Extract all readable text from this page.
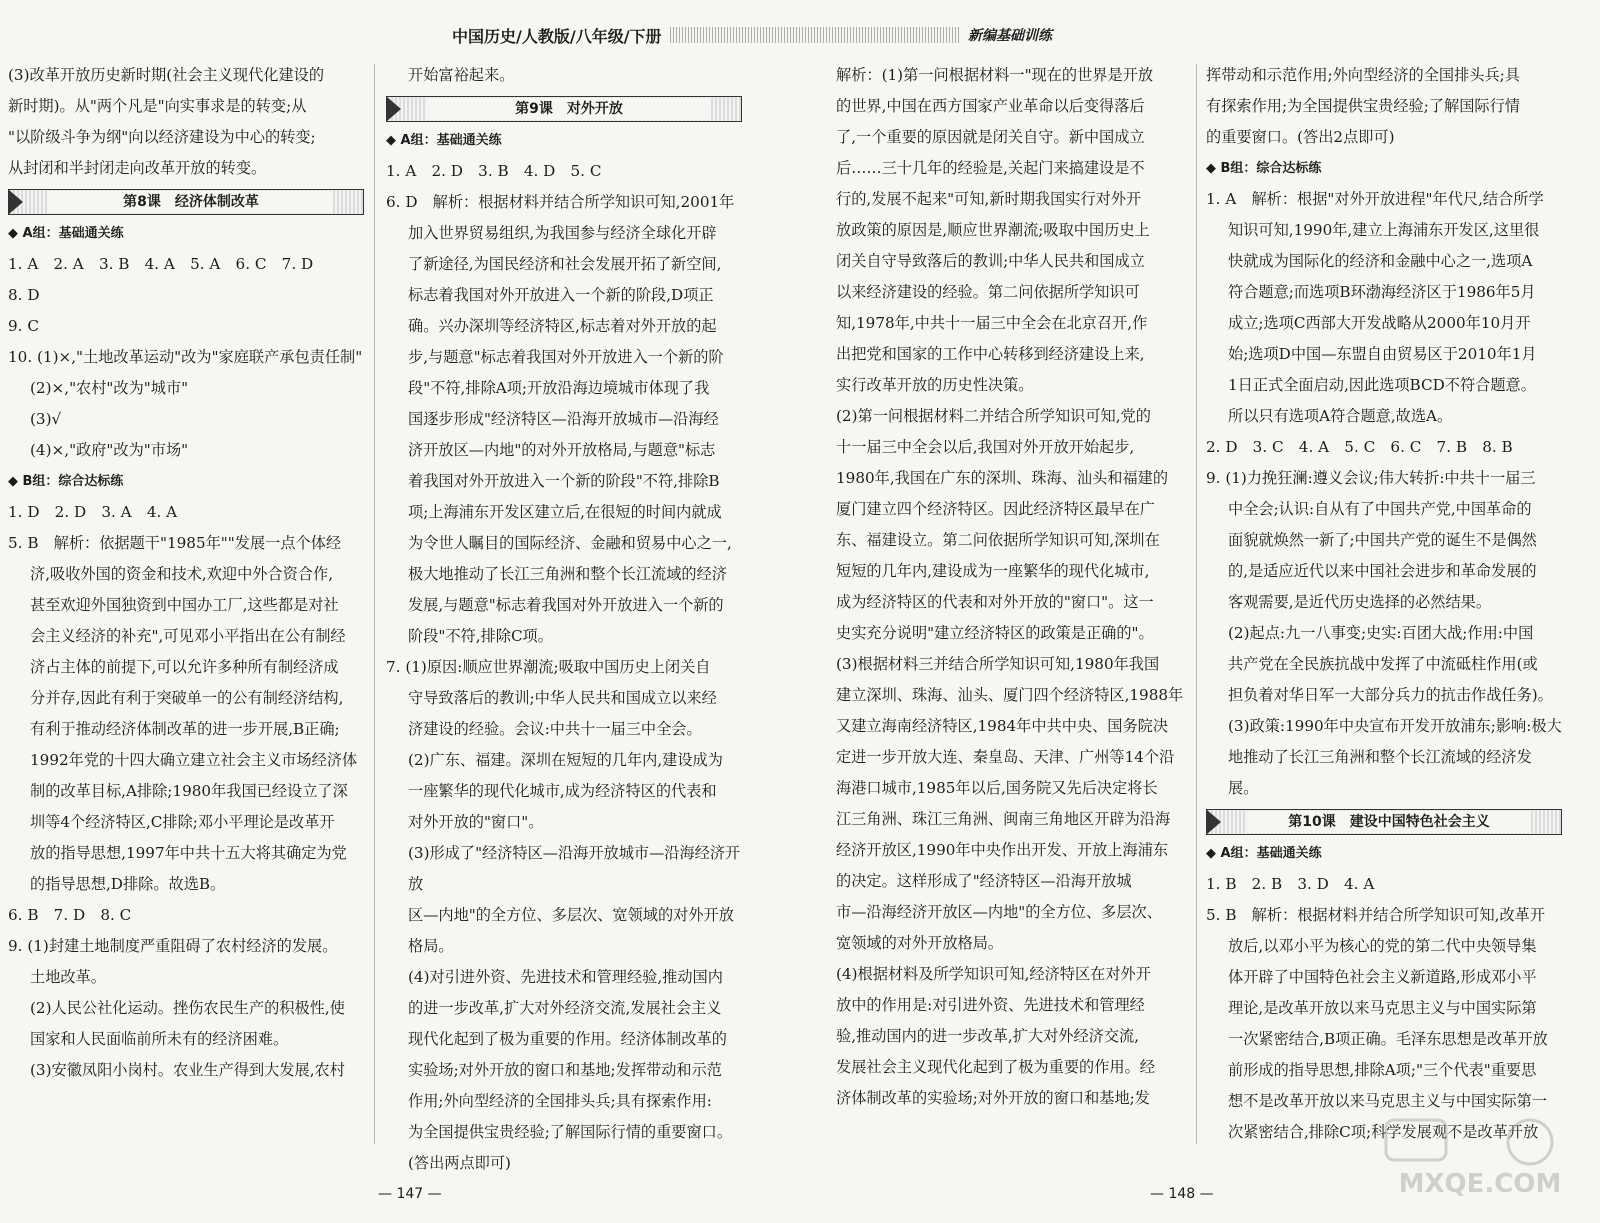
中国历史/人教版/八年级/下册	新编基础训练
(3)改革开放历史新时期(社会主义现代化建设的
新时期)。从"两个凡是"向实事求是的转变;从
"以阶级斗争为纲"向以经济建设为中心的转变;
从封闭和半封闭走向改革开放的转变。
第8课　经济体制改革
◆ A组：基础通关练
1. A　2. A　3. B　4. A　5. A　6. C　7. D
8. D
9. C
10. (1)×,"土地改革运动"改为"家庭联产承包责任制"
(2)×,"农村"改为"城市"
(3)√
(4)×,"政府"改为"市场"
◆ B组：综合达标练
1. D　2. D　3. A　4. A
5. B　解析：依据题干"1985年""发展一点个体经
济,吸收外国的资金和技术,欢迎中外合资合作,
甚至欢迎外国独资到中国办工厂,这些都是对社
会主义经济的补充",可见邓小平指出在公有制经
济占主体的前提下,可以允许多种所有制经济成
分并存,因此有利于突破单一的公有制经济结构,
有利于推动经济体制改革的进一步开展,B正确;
1992年党的十四大确立建立社会主义市场经济体
制的改革目标,A排除;1980年我国已经设立了深
圳等4个经济特区,C排除;邓小平理论是改革开
放的指导思想,1997年中共十五大将其确定为党
的指导思想,D排除。故选B。
6. B　7. D　8. C
9. (1)封建土地制度严重阻碍了农村经济的发展。
土地改革。
(2)人民公社化运动。挫伤农民生产的积极性,使
国家和人民面临前所未有的经济困难。
(3)安徽凤阳小岗村。农业生产得到大发展,农村
开始富裕起来。
第9课　对外开放
◆ A组：基础通关练
1. A　2. D　3. B　4. D　5. C
6. D　解析：根据材料并结合所学知识可知,2001年
加入世界贸易组织,为我国参与经济全球化开辟
了新途径,为国民经济和社会发展开拓了新空间,
标志着我国对外开放进入一个新的阶段,D项正
确。兴办深圳等经济特区,标志着对外开放的起
步,与题意"标志着我国对外开放进入一个新的阶
段"不符,排除A项;开放沿海边境城市体现了我
国逐步形成"经济特区—沿海开放城市—沿海经
济开放区—内地"的对外开放格局,与题意"标志
着我国对外开放进入一个新的阶段"不符,排除B
项;上海浦东开发区建立后,在很短的时间内就成
为令世人瞩目的国际经济、金融和贸易中心之一,
极大地推动了长江三角洲和整个长江流域的经济
发展,与题意"标志着我国对外开放进入一个新的
阶段"不符,排除C项。
7. (1)原因:顺应世界潮流;吸取中国历史上闭关自
守导致落后的教训;中华人民共和国成立以来经
济建设的经验。会议:中共十一届三中全会。
(2)广东、福建。深圳在短短的几年内,建设成为
一座繁华的现代化城市,成为经济特区的代表和
对外开放的"窗口"。
(3)形成了"经济特区—沿海开放城市—沿海经济开放
区—内地"的全方位、多层次、宽领域的对外开放格局。
(4)对引进外资、先进技术和管理经验,推动国内
的进一步改革,扩大对外经济交流,发展社会主义
现代化起到了极为重要的作用。经济体制改革的
实验场;对外开放的窗口和基地;发挥带动和示范
作用;外向型经济的全国排头兵;具有探索作用:
为全国提供宝贵经验;了解国际行情的重要窗口。
(答出两点即可)
解析：(1)第一问根据材料一"现在的世界是开放
的世界,中国在西方国家产业革命以后变得落后
了,一个重要的原因就是闭关自守。新中国成立
后……三十几年的经验是,关起门来搞建设是不
行的,发展不起来"可知,新时期我国实行对外开
放政策的原因是,顺应世界潮流;吸取中国历史上
闭关自守导致落后的教训;中华人民共和国成立
以来经济建设的经验。第二问依据所学知识可
知,1978年,中共十一届三中全会在北京召开,作
出把党和国家的工作中心转移到经济建设上来,
实行改革开放的历史性决策。
(2)第一问根据材料二并结合所学知识可知,党的
十一届三中全会以后,我国对外开放开始起步,
1980年,我国在广东的深圳、珠海、汕头和福建的
厦门建立四个经济特区。因此经济特区最早在广
东、福建设立。第二问依据所学知识可知,深圳在
短短的几年内,建设成为一座繁华的现代化城市,
成为经济特区的代表和对外开放的"窗口"。这一
史实充分说明"建立经济特区的政策是正确的"。
(3)根据材料三并结合所学知识可知,1980年我国
建立深圳、珠海、汕头、厦门四个经济特区,1988年
又建立海南经济特区,1984年中共中央、国务院决
定进一步开放大连、秦皇岛、天津、广州等14个沿
海港口城市,1985年以后,国务院又先后决定将长
江三角洲、珠江三角洲、闽南三角地区开辟为沿海
经济开放区,1990年中央作出开发、开放上海浦东
的决定。这样形成了"经济特区—沿海开放城
市—沿海经济开放区—内地"的全方位、多层次、
宽领域的对外开放格局。
(4)根据材料及所学知识可知,经济特区在对外开
放中的作用是:对引进外资、先进技术和管理经
验,推动国内的进一步改革,扩大对外经济交流,
发展社会主义现代化起到了极为重要的作用。经
济体制改革的实验场;对外开放的窗口和基地;发
挥带动和示范作用;外向型经济的全国排头兵;具
有探索作用;为全国提供宝贵经验;了解国际行情
的重要窗口。(答出2点即可)
◆ B组：综合达标练
1. A　解析：根据"对外开放进程"年代尺,结合所学
知识可知,1990年,建立上海浦东开发区,这里很
快就成为国际化的经济和金融中心之一,选项A
符合题意;而选项B环渤海经济区于1986年5月
成立;选项C西部大开发战略从2000年10月开
始;选项D中国—东盟自由贸易区于2010年1月
1日正式全面启动,因此选项BCD不符合题意。
所以只有选项A符合题意,故选A。
2. D　3. C　4. A　5. C　6. C　7. B　8. B
9. (1)力挽狂澜:遵义会议;伟大转折:中共十一届三
中全会;认识:自从有了中国共产党,中国革命的
面貌就焕然一新了;中国共产党的诞生不是偶然
的,是适应近代以来中国社会进步和革命发展的
客观需要,是近代历史选择的必然结果。
(2)起点:九一八事变;史实:百团大战;作用:中国
共产党在全民族抗战中发挥了中流砥柱作用(或
担负着对华日军一大部分兵力的抗击作战任务)。
(3)政策:1990年中央宣布开发开放浦东;影响:极大
地推动了长江三角洲和整个长江流域的经济发展。
第10课　建设中国特色社会主义
◆ A组：基础通关练
1. B　2. B　3. D　4. A
5. B　解析：根据材料并结合所学知识可知,改革开
放后,以邓小平为核心的党的第二代中央领导集
体开辟了中国特色社会主义新道路,形成邓小平
理论,是改革开放以来马克思主义与中国实际第
一次紧密结合,B项正确。毛泽东思想是改革开放
前形成的指导思想,排除A项;"三个代表"重要思
想不是改革开放以来马克思主义与中国实际第一
次紧密结合,排除C项;科学发展观不是改革开放
— 147 —	— 148 —	MXQE.COM
